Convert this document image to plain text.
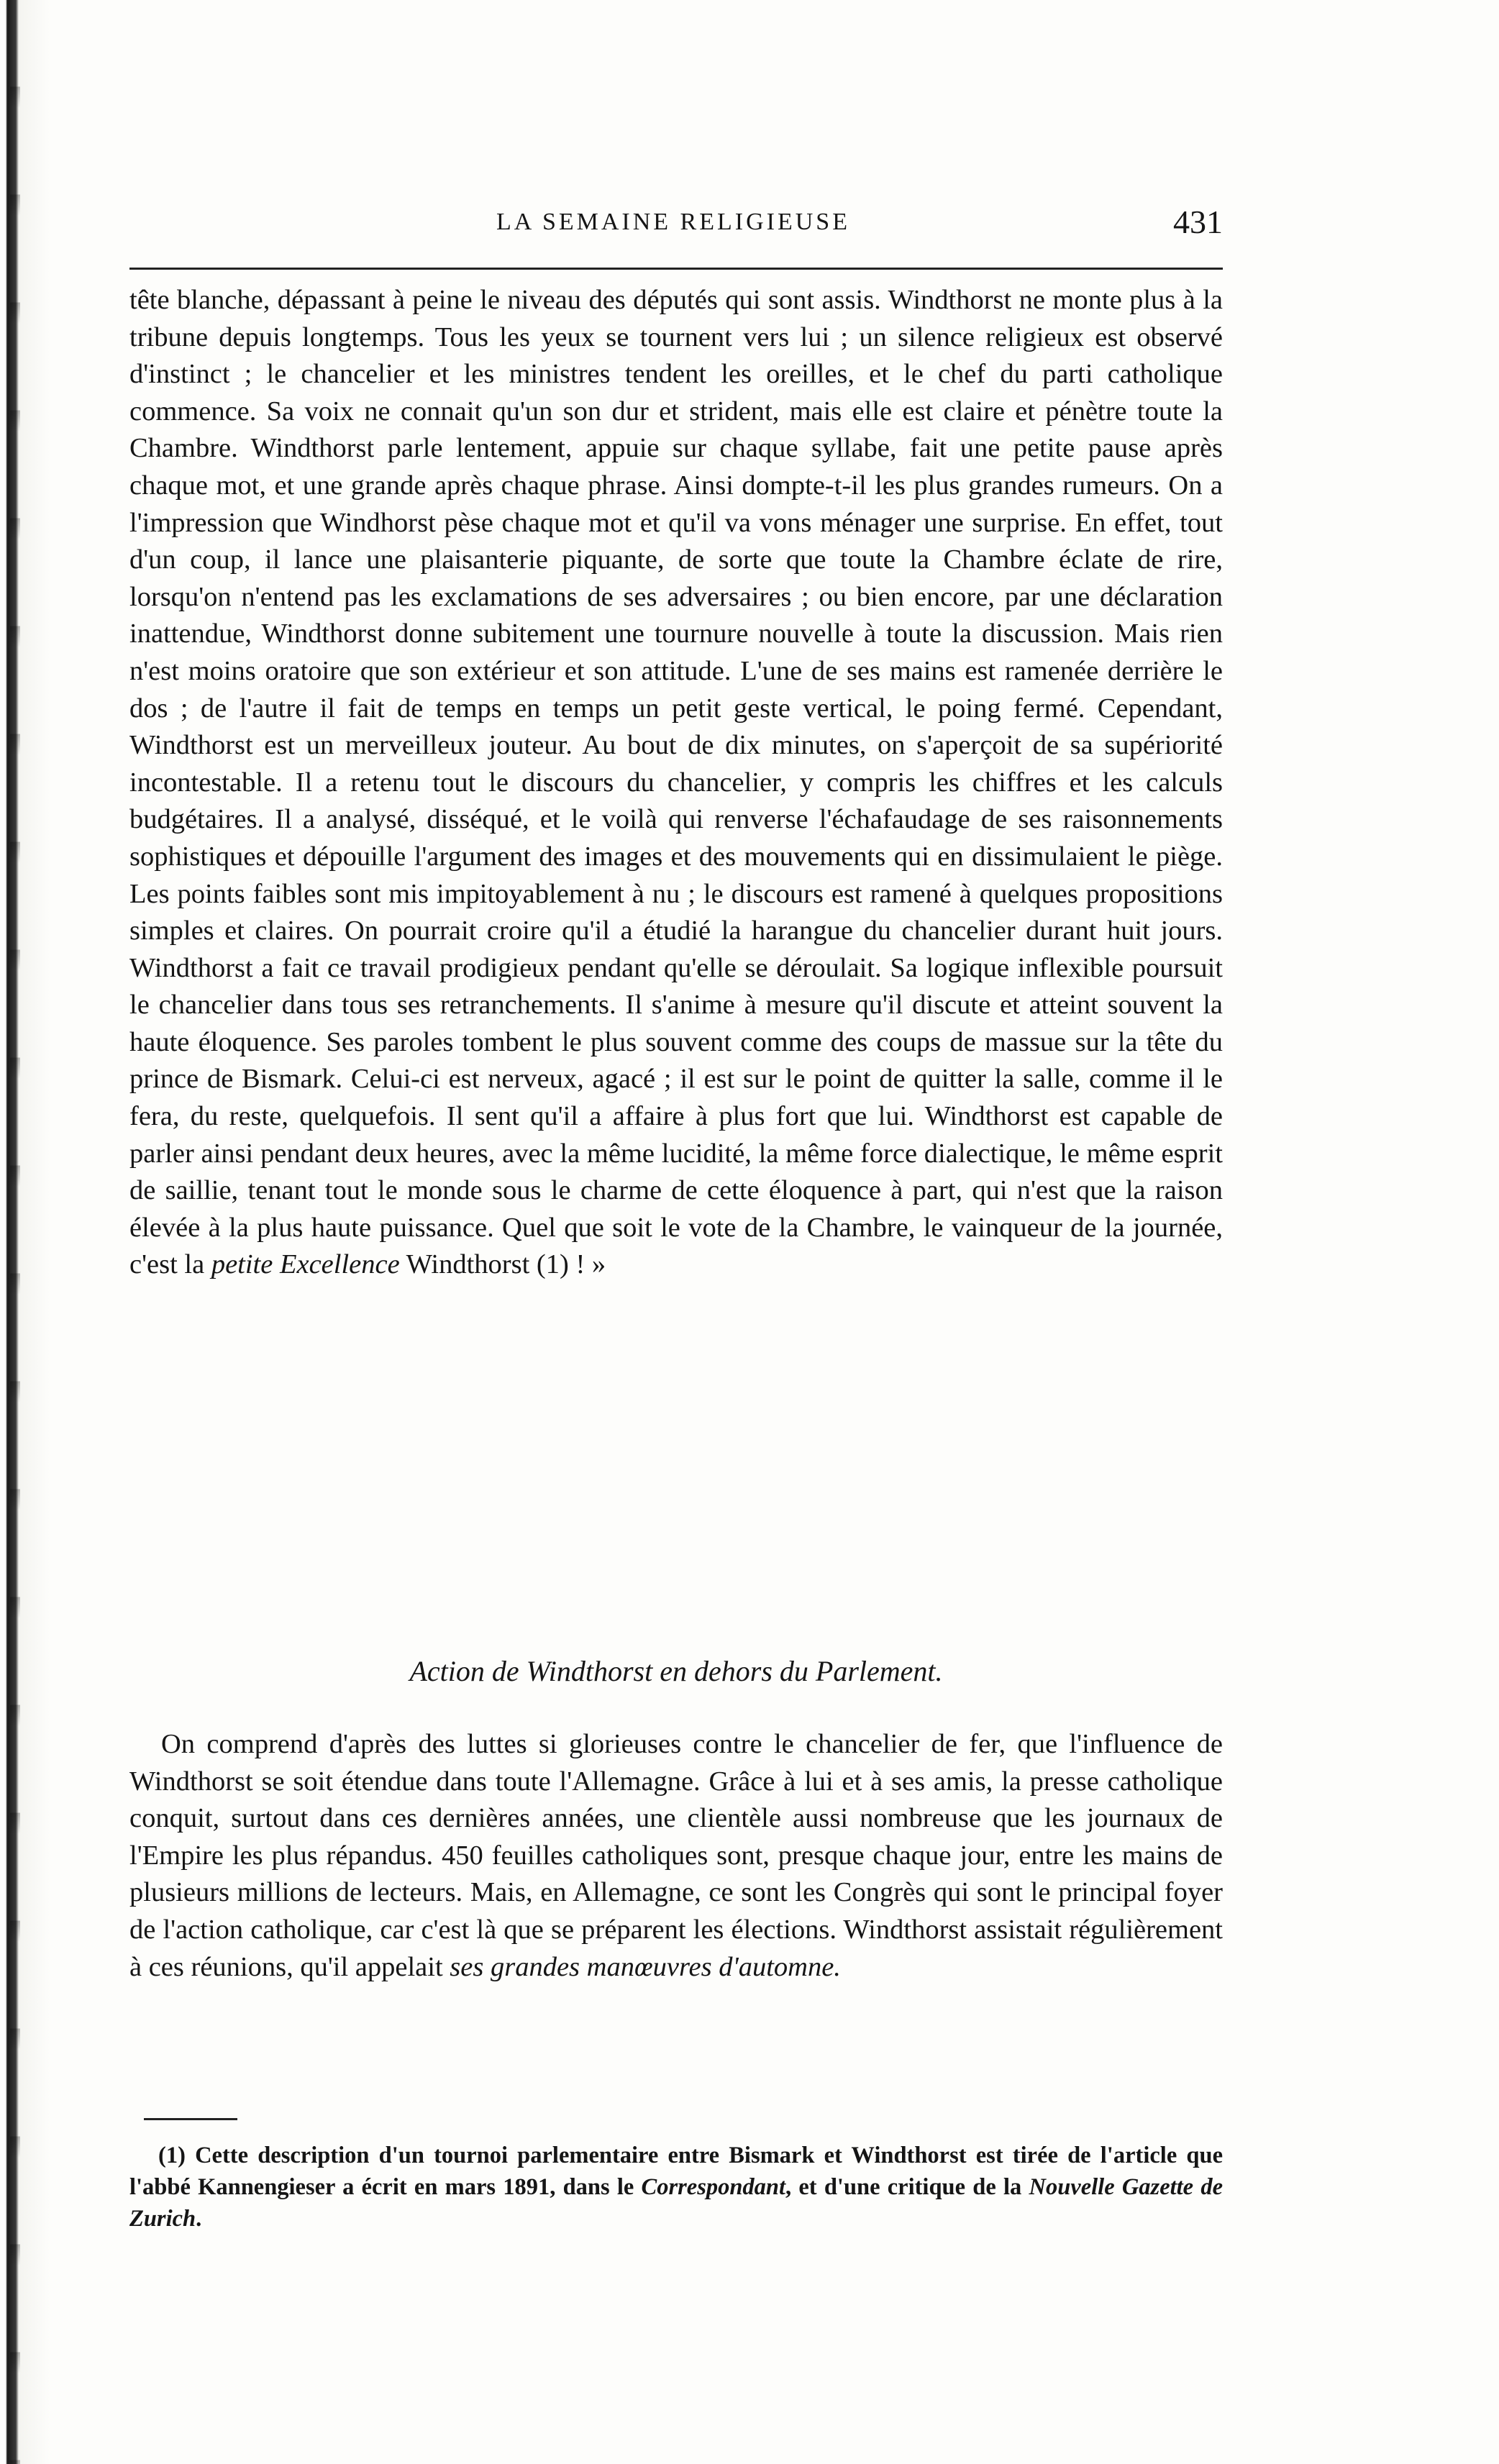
LA SEMAINE RELIGIEUSE	431

tête blanche, dépassant à peine le niveau des députés qui sont assis. Windthorst ne monte plus à la tribune depuis longtemps. Tous les yeux se tournent vers lui ; un silence religieux est observé d'instinct ; le chancelier et les ministres tendent les oreilles, et le chef du parti catholique commence. Sa voix ne connait qu'un son dur et strident, mais elle est claire et pénètre toute la Chambre. Windthorst parle lentement, appuie sur chaque syllabe, fait une petite pause après chaque mot, et une grande après chaque phrase. Ainsi dompte-t-il les plus grandes rumeurs. On a l'impression que Windhorst pèse chaque mot et qu'il va vons ménager une surprise. En effet, tout d'un coup, il lance une plaisanterie piquante, de sorte que toute la Chambre éclate de rire, lorsqu'on n'entend pas les exclamations de ses adversaires ; ou bien encore, par une déclaration inattendue, Windthorst donne subitement une tournure nouvelle à toute la discussion. Mais rien n'est moins oratoire que son extérieur et son attitude. L'une de ses mains est ramenée derrière le dos ; de l'autre il fait de temps en temps un petit geste vertical, le poing fermé. Cependant, Windthorst est un merveilleux jouteur. Au bout de dix minutes, on s'aperçoit de sa supériorité incontestable. Il a retenu tout le discours du chancelier, y compris les chiffres et les calculs budgétaires. Il a analysé, disséqué, et le voilà qui renverse l'échafaudage de ses raisonnements sophistiques et dépouille l'argument des images et des mouvements qui en dissimulaient le piège. Les points faibles sont mis impitoyablement à nu ; le discours est ramené à quelques propositions simples et claires. On pourrait croire qu'il a étudié la harangue du chancelier durant huit jours. Windthorst a fait ce travail prodigieux pendant qu'elle se déroulait. Sa logique inflexible poursuit le chancelier dans tous ses retranchements. Il s'anime à mesure qu'il discute et atteint souvent la haute éloquence. Ses paroles tombent le plus souvent comme des coups de massue sur la tête du prince de Bismark. Celui-ci est nerveux, agacé ; il est sur le point de quitter la salle, comme il le fera, du reste, quelquefois. Il sent qu'il a affaire à plus fort que lui. Windthorst est capable de parler ainsi pendant deux heures, avec la même lucidité, la même force dialectique, le même esprit de saillie, tenant tout le monde sous le charme de cette éloquence à part, qui n'est que la raison élevée à la plus haute puissance. Quel que soit le vote de la Chambre, le vainqueur de la journée, c'est la petite Excellence Windthorst (1) ! »

Action de Windthorst en dehors du Parlement.

On comprend d'après des luttes si glorieuses contre le chancelier de fer, que l'influence de Windthorst se soit étendue dans toute l'Allemagne. Grâce à lui et à ses amis, la presse catholique conquit, surtout dans ces dernières années, une clientèle aussi nombreuse que les journaux de l'Empire les plus répandus. 450 feuilles catholiques sont, presque chaque jour, entre les mains de plusieurs millions de lecteurs. Mais, en Allemagne, ce sont les Congrès qui sont le principal foyer de l'action catholique, car c'est là que se préparent les élections. Windthorst assistait régulièrement à ces réunions, qu'il appelait ses grandes manœuvres d'automne.

(1) Cette description d'un tournoi parlementaire entre Bismark et Windthorst est tirée de l'article que l'abbé Kannengieser a écrit en mars 1891, dans le Correspondant, et d'une critique de la Nouvelle Gazette de Zurich.
